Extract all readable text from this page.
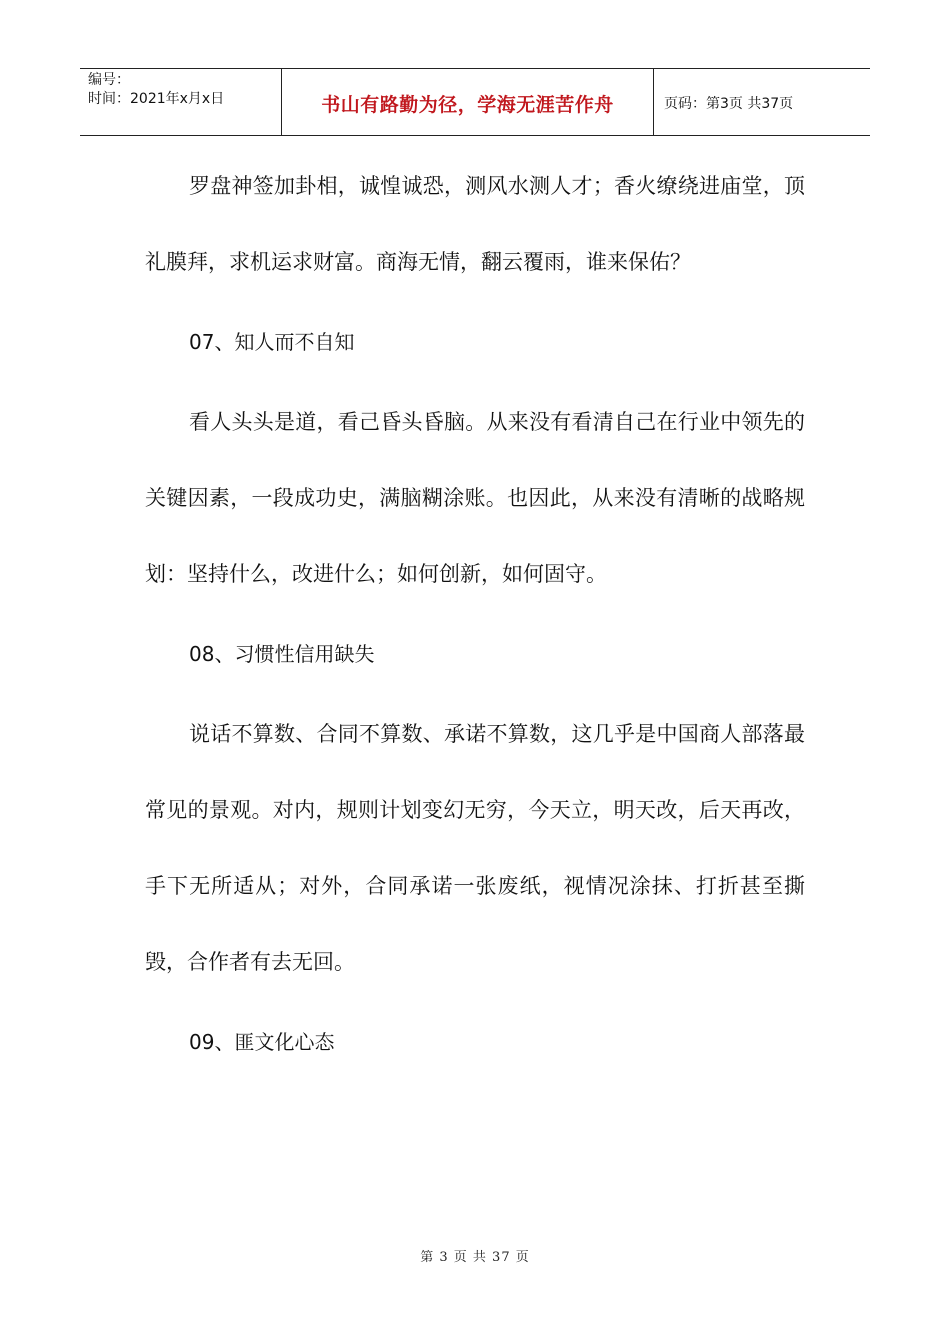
编号：
时间：2021年x月x日	书山有路勤为径，学海无涯苦作舟	页码：第3页 共37页

罗盘神签加卦相，诚惶诚恐，测风水测人才；香火缭绕进庙堂，顶礼膜拜，求机运求财富。商海无情，翻云覆雨，谁来保佑？

07、知人而不自知

看人头头是道，看己昏头昏脑。从来没有看清自己在行业中领先的关键因素，一段成功史，满脑糊涂账。也因此，从来没有清晰的战略规划：坚持什么，改进什么；如何创新，如何固守。

08、习惯性信用缺失

说话不算数、合同不算数、承诺不算数，这几乎是中国商人部落最常见的景观。对内，规则计划变幻无穷，今天立，明天改，后天再改，手下无所适从；对外，合同承诺一张废纸，视情况涂抹、打折甚至撕毁，合作者有去无回。

09、匪文化心态

第 3 页 共 37 页
